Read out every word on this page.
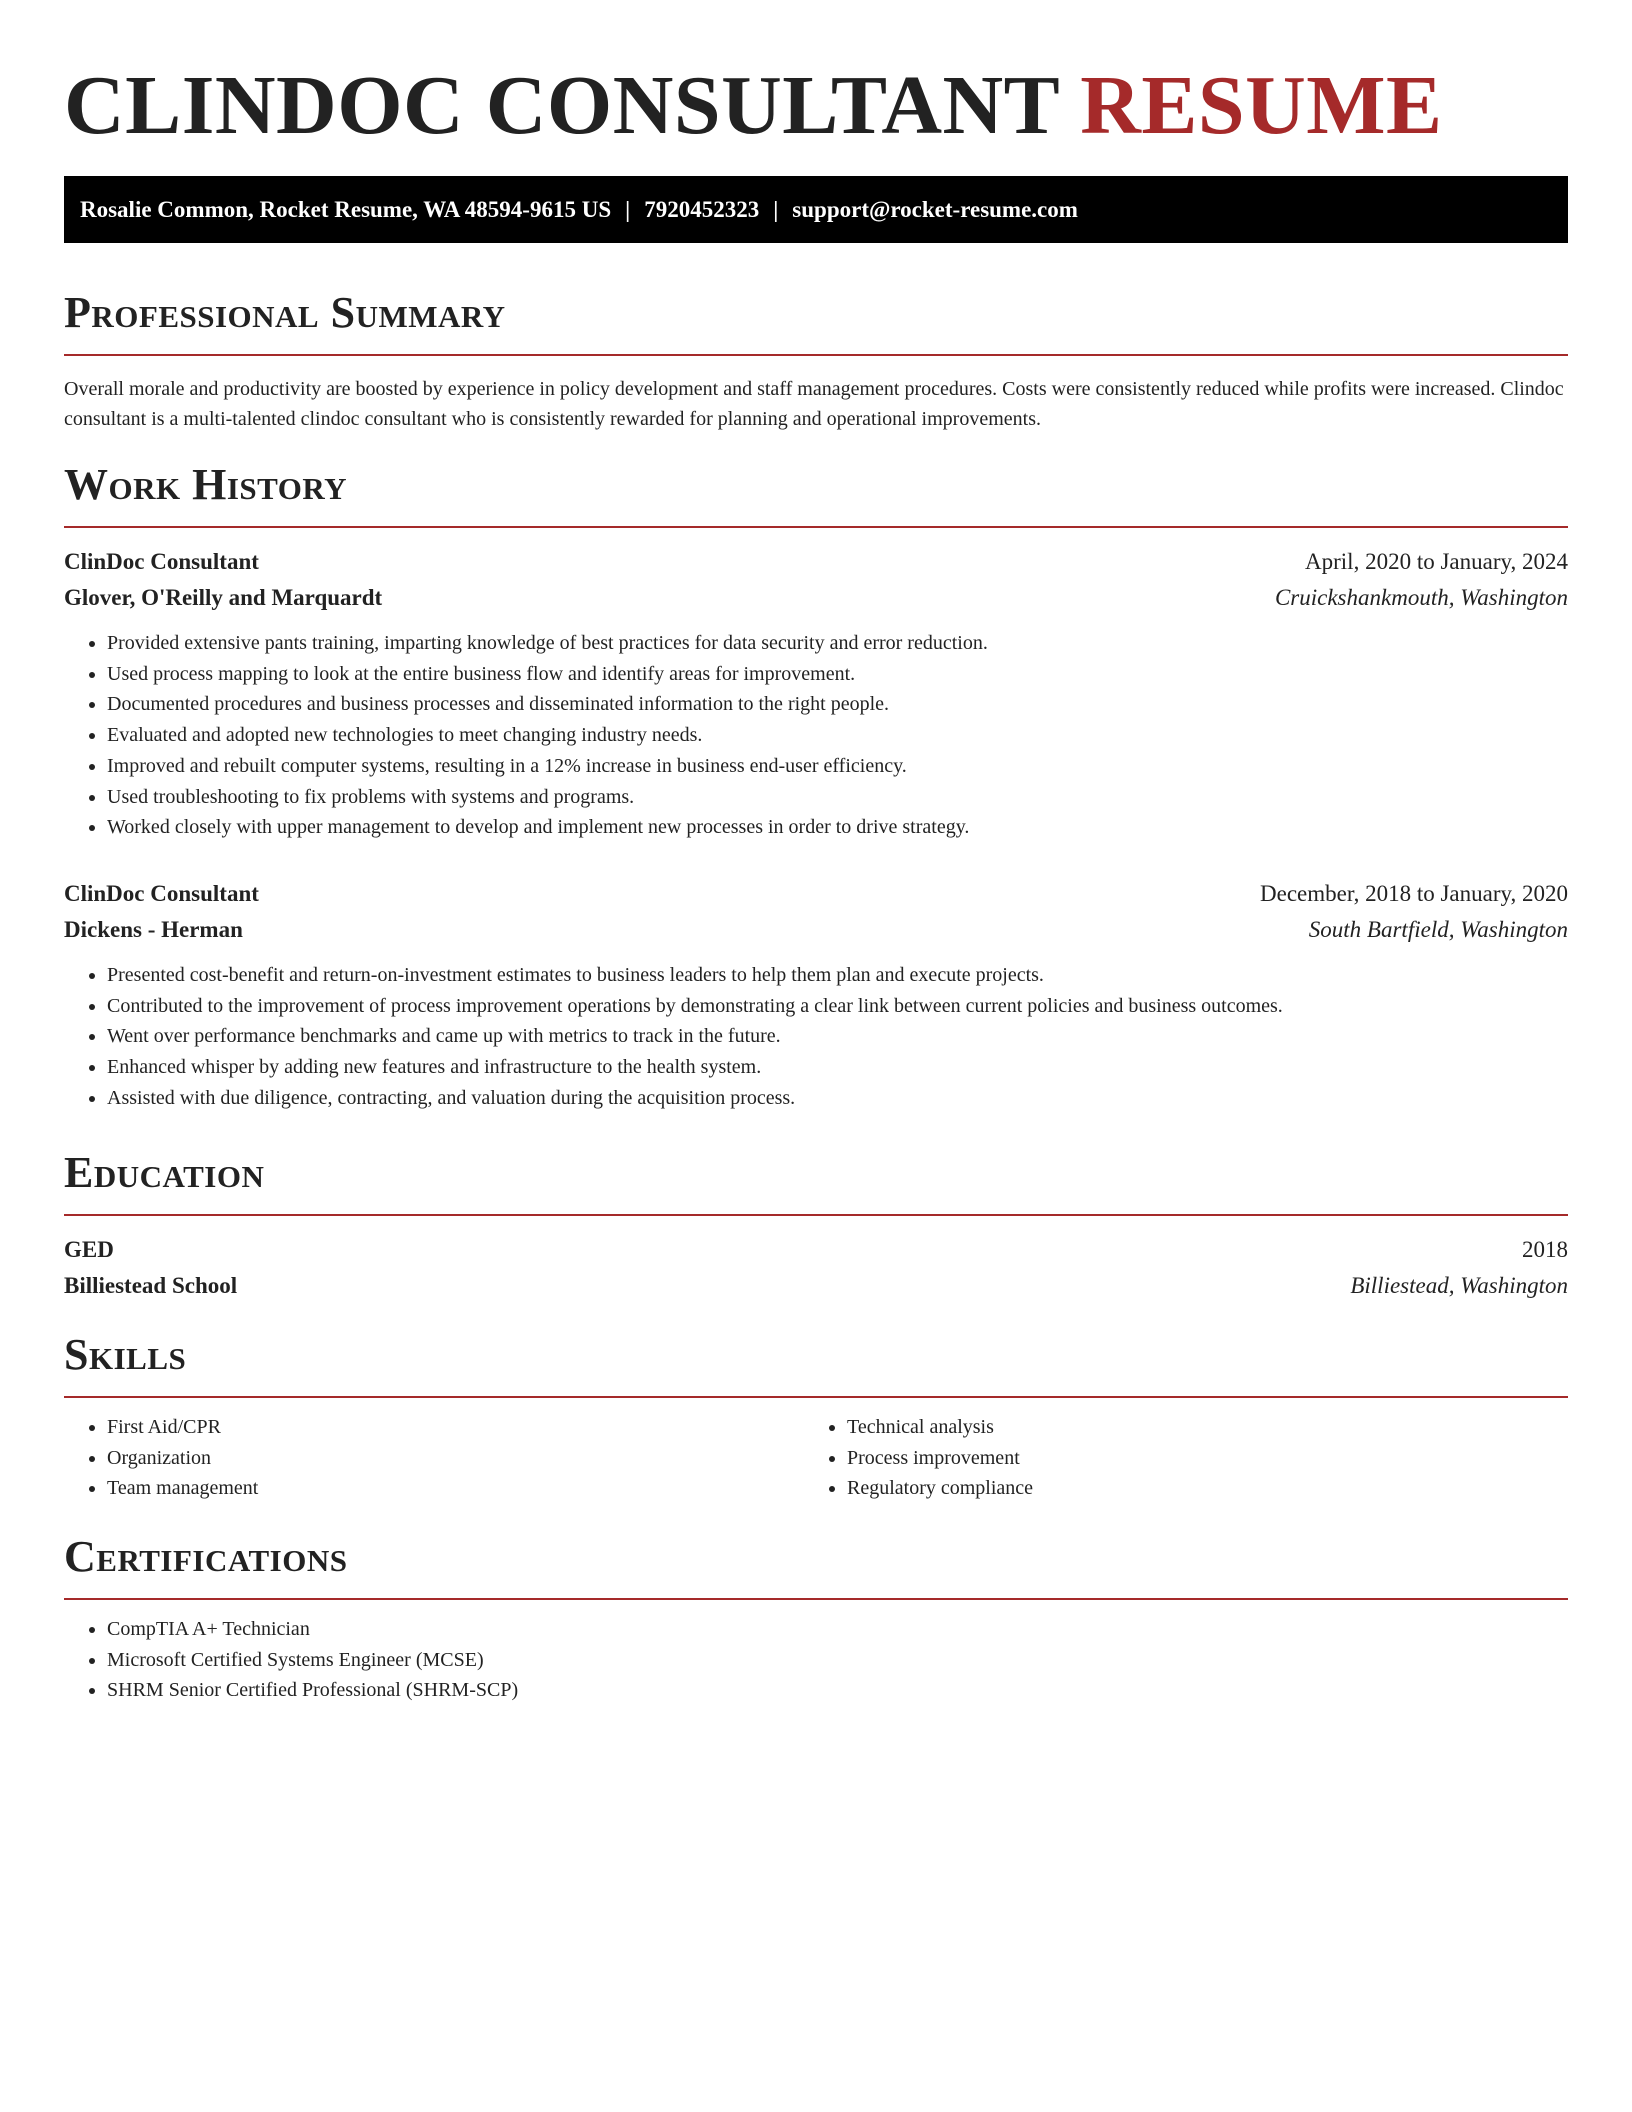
CLINDOC CONSULTANT RESUME
Rosalie Common, Rocket Resume, WA 48594-9615 US | 7920452323 | support@rocket-resume.com
Professional Summary
Overall morale and productivity are boosted by experience in policy development and staff management procedures. Costs were consistently reduced while profits were increased. Clindoc consultant is a multi-talented clindoc consultant who is consistently rewarded for planning and operational improvements.
Work History
ClinDoc Consultant	April, 2020 to January, 2024
Glover, O'Reilly and Marquardt	Cruickshankmouth, Washington
• Provided extensive pants training, imparting knowledge of best practices for data security and error reduction.
• Used process mapping to look at the entire business flow and identify areas for improvement.
• Documented procedures and business processes and disseminated information to the right people.
• Evaluated and adopted new technologies to meet changing industry needs.
• Improved and rebuilt computer systems, resulting in a 12% increase in business end-user efficiency.
• Used troubleshooting to fix problems with systems and programs.
• Worked closely with upper management to develop and implement new processes in order to drive strategy.
ClinDoc Consultant	December, 2018 to January, 2020
Dickens - Herman	South Bartfield, Washington
• Presented cost-benefit and return-on-investment estimates to business leaders to help them plan and execute projects.
• Contributed to the improvement of process improvement operations by demonstrating a clear link between current policies and business outcomes.
• Went over performance benchmarks and came up with metrics to track in the future.
• Enhanced whisper by adding new features and infrastructure to the health system.
• Assisted with due diligence, contracting, and valuation during the acquisition process.
Education
GED	2018
Billiestead School	Billiestead, Washington
Skills
• First Aid/CPR
• Organization
• Team management
• Technical analysis
• Process improvement
• Regulatory compliance
Certifications
• CompTIA A+ Technician
• Microsoft Certified Systems Engineer (MCSE)
• SHRM Senior Certified Professional (SHRM-SCP)
